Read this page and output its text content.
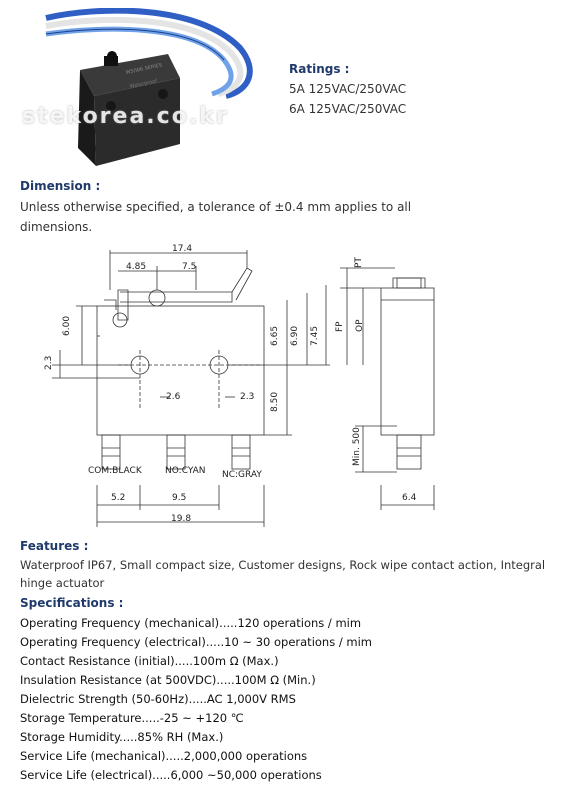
W5/W6 SERIES
Waterproof
stekorea.co.kr
Ratings :
5A 125VAC/250VAC
6A 125VAC/250VAC
Dimension :
Unless otherwise specified, a tolerance of ±0.4 mm applies to all dimensions.
17.4
4.85	7.5
6.00
2.3
6.65 6.90 7.45
2.6	2.3 8.50
COM:BLACK	NO:CYAN NC:GRAY
5.2	9.5
19.8
6.4
PT
FP OP
Min. 500
Features :
Waterproof IP67, Small compact size, Customer designs, Rock wipe contact action, Integral hinge actuator
Specifications :
Operating Frequency (mechanical).....120 operations / mim
Operating Frequency (electrical).....10 ~ 30 operations / mim
Contact Resistance (initial).....100m Ω (Max.)
Insulation Resistance (at 500VDC).....100M Ω (Min.)
Dielectric Strength (50-60Hz).....AC 1,000V RMS
Storage Temperature.....-25 ~ +120 ℃
Storage Humidity.....85% RH (Max.)
Service Life (mechanical).....2,000,000 operations
Service Life (electrical).....6,000 ~50,000 operations
